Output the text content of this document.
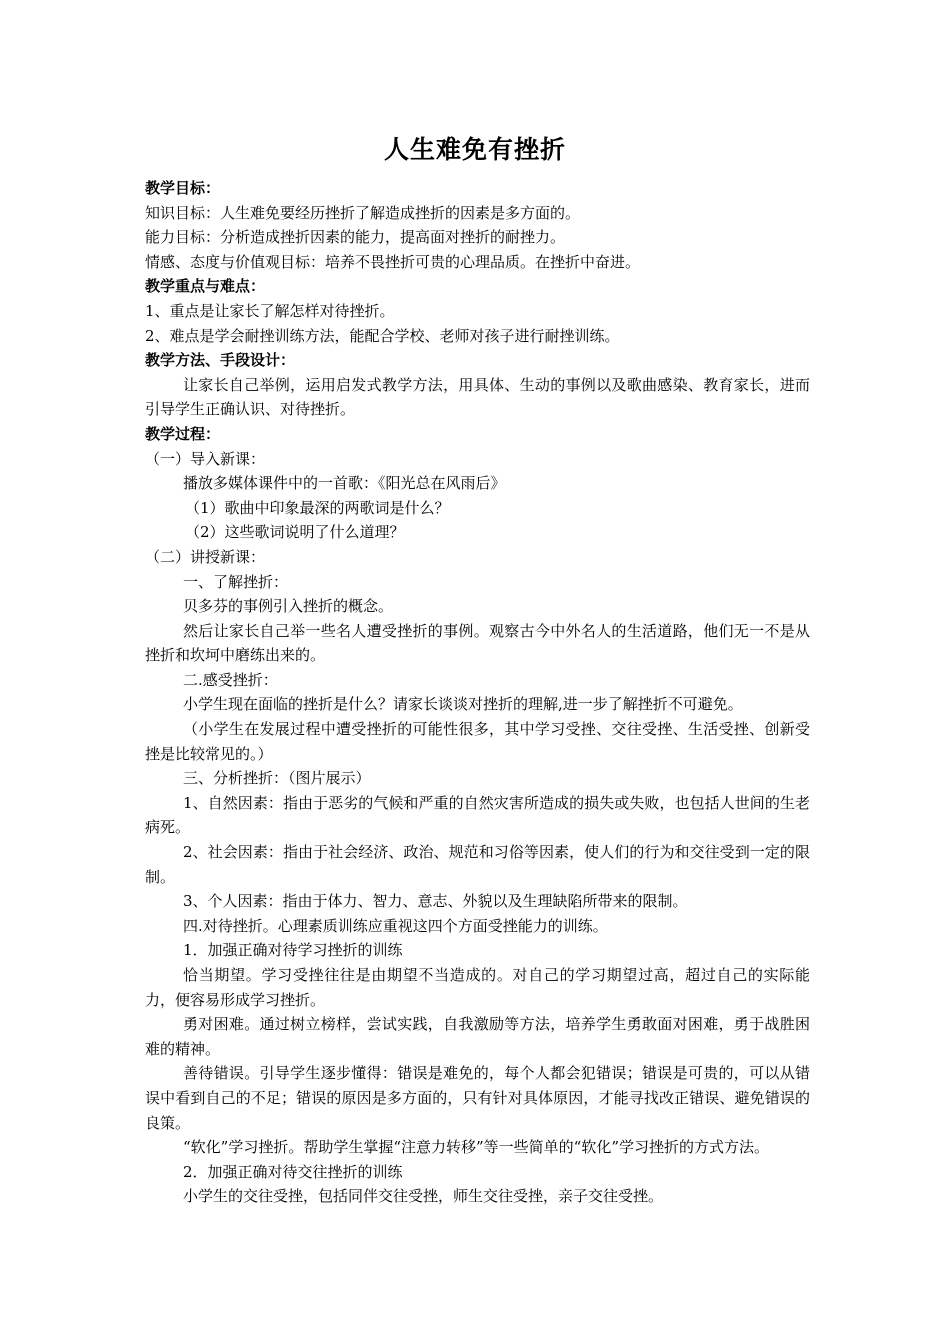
人生难免有挫折

教学目标：

知识目标：人生难免要经历挫折了解造成挫折的因素是多方面的。

能力目标：分析造成挫折因素的能力，提高面对挫折的耐挫力。

情感、态度与价值观目标：培养不畏挫折可贵的心理品质。在挫折中奋进。

教学重点与难点：

1、重点是让家长了解怎样对待挫折。

2、难点是学会耐挫训练方法，能配合学校、老师对孩子进行耐挫训练。

教学方法、手段设计：

让家长自己举例，运用启发式教学方法，用具体、生动的事例以及歌曲感染、教育家长，进而引导学生正确认识、对待挫折。

教学过程：

（一）导入新课：

播放多媒体课件中的一首歌：《阳光总在风雨后》

（1）歌曲中印象最深的两歌词是什么？

（2）这些歌词说明了什么道理？

（二）讲授新课：

一、了解挫折：

贝多芬的事例引入挫折的概念。

然后让家长自己举一些名人遭受挫折的事例。观察古今中外名人的生活道路，他们无一不是从挫折和坎坷中磨练出来的。

二.感受挫折：

小学生现在面临的挫折是什么？请家长谈谈对挫折的理解,进一步了解挫折不可避免。

（小学生在发展过程中遭受挫折的可能性很多，其中学习受挫、交往受挫、生活受挫、创新受挫是比较常见的。）

三、分析挫折：（图片展示）

1、自然因素：指由于恶劣的气候和严重的自然灾害所造成的损失或失败，也包括人世间的生老病死。

2、社会因素：指由于社会经济、政治、规范和习俗等因素，使人们的行为和交往受到一定的限制。

3、个人因素：指由于体力、智力、意志、外貌以及生理缺陷所带来的限制。

四.对待挫折。心理素质训练应重视这四个方面受挫能力的训练。

1．加强正确对待学习挫折的训练

恰当期望。学习受挫往往是由期望不当造成的。对自己的学习期望过高，超过自己的实际能力，便容易形成学习挫折。

勇对困难。通过树立榜样，尝试实践，自我激励等方法，培养学生勇敢面对困难，勇于战胜困难的精神。

善待错误。引导学生逐步懂得：错误是难免的，每个人都会犯错误；错误是可贵的，可以从错误中看到自己的不足；错误的原因是多方面的，只有针对具体原因，才能寻找改正错误、避免错误的良策。

“软化”学习挫折。帮助学生掌握“注意力转移”等一些简单的“软化”学习挫折的方式方法。

2．加强正确对待交往挫折的训练

小学生的交往受挫，包括同伴交往受挫，师生交往受挫，亲子交往受挫。
